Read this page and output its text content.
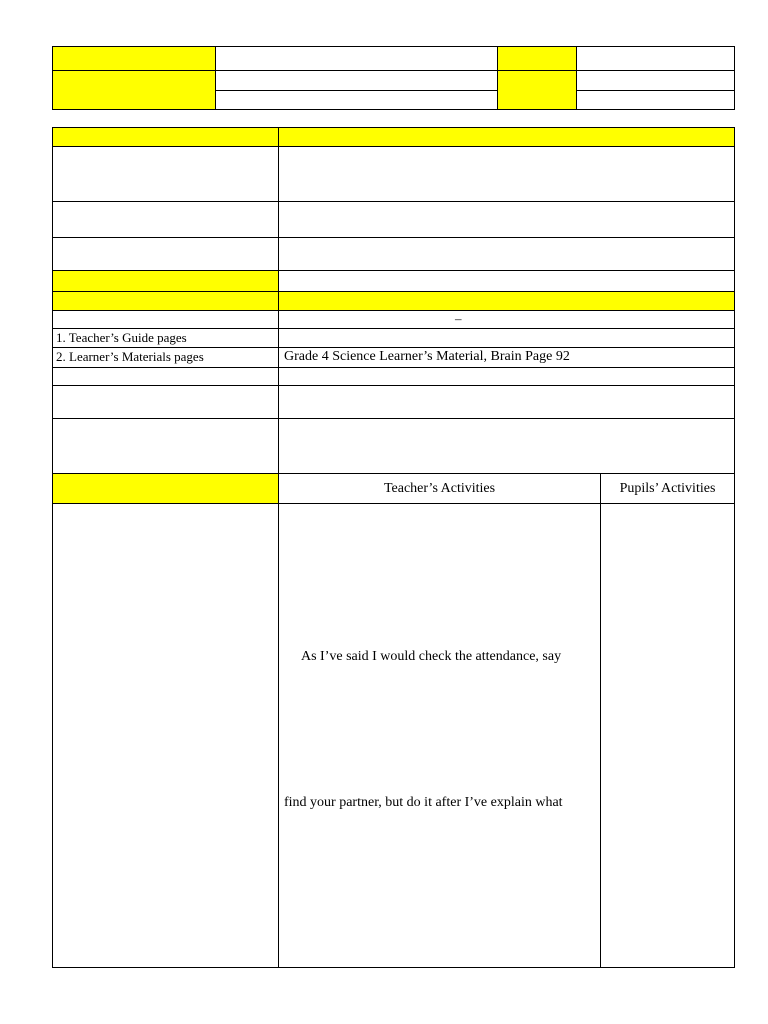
–
1. Teacher’s Guide pages
2. Learner’s Materials pages	Grade 4 Science Learner’s Material, Brain Page 92
Teacher’s Activities	Pupils’ Activities
As I’ve said I would check the attendance, say
find your partner, but do it after I’ve explain what
